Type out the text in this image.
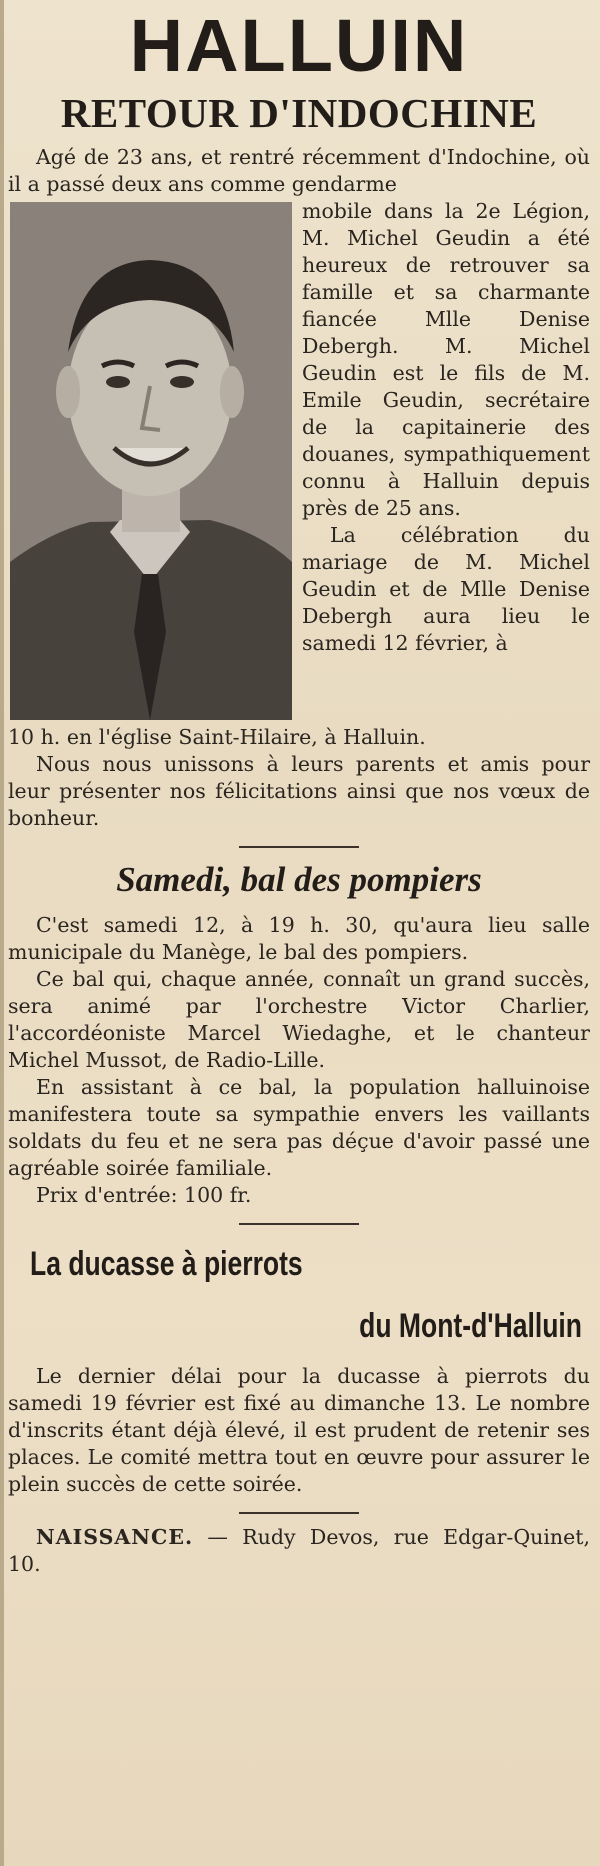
HALLUIN
RETOUR D'INDOCHINE

Agé de 23 ans, et rentré récemment d'Indochine, où il a passé deux ans comme gendarme

mobile dans la 2e Légion, M. Michel Geudin a été heureux de retrouver sa famille et sa charmante fiancée Mlle Denise Debergh. M. Michel Geudin est le fils de M. Emile Geudin, secrétaire de la capitainerie des douanes, sympathiquement connu à Halluin depuis près de 25 ans.

La célébration du mariage de M. Michel Geudin et de Mlle Denise Debergh aura lieu le samedi 12 février, à

10 h. en l'église Saint-Hilaire, à Halluin.

Nous nous unissons à leurs parents et amis pour leur présenter nos félicitations ainsi que nos vœux de bonheur.

Samedi, bal des pompiers

C'est samedi 12, à 19 h. 30, qu'aura lieu salle municipale du Manège, le bal des pompiers.

Ce bal qui, chaque année, connaît un grand succès, sera animé par l'orchestre Victor Charlier, l'accordéoniste Marcel Wiedaghe, et le chanteur Michel Mussot, de Radio-Lille.

En assistant à ce bal, la population halluinoise manifestera toute sa sympathie envers les vaillants soldats du feu et ne sera pas déçue d'avoir passé une agréable soirée familiale.

Prix d'entrée: 100 fr.

La ducasse à pierrots
du Mont-d'Halluin

Le dernier délai pour la ducasse à pierrots du samedi 19 février est fixé au dimanche 13. Le nombre d'inscrits étant déjà élevé, il est prudent de retenir ses places. Le comité mettra tout en œuvre pour assurer le plein succès de cette soirée.

NAISSANCE. — Rudy Devos, rue Edgar-Quinet, 10.
